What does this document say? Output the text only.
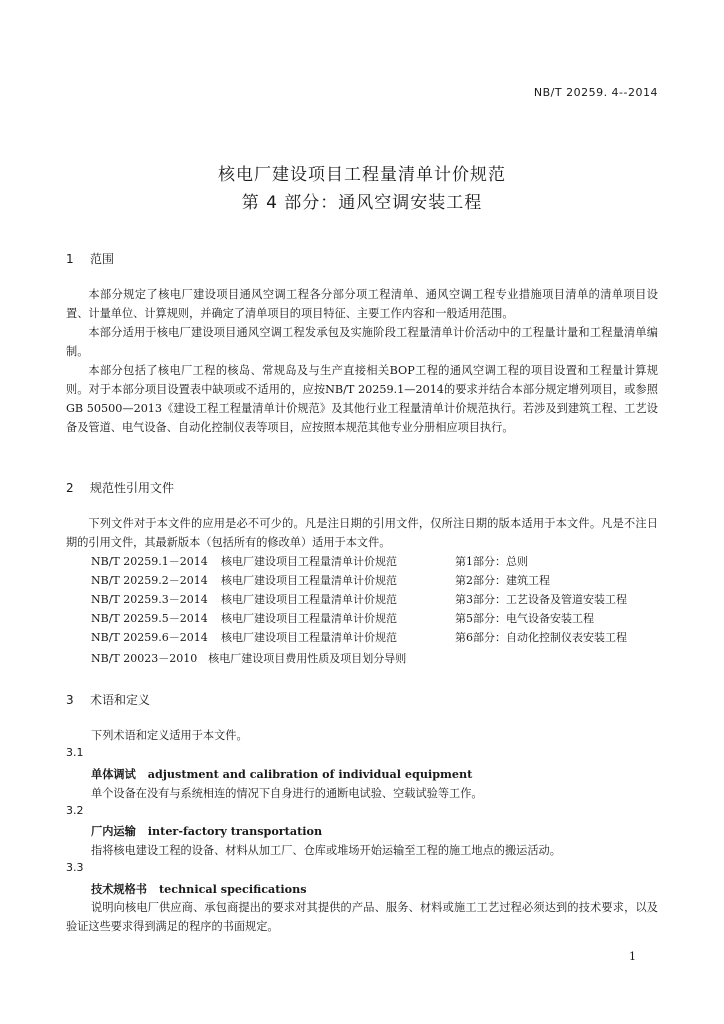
NB/T 20259. 4--2014
核电厂建设项目工程量清单计价规范
第 4 部分：通风空调安装工程
1 范围

本部分规定了核电厂建设项目通风空调工程各分部分项工程清单、通风空调工程专业措施项目清单的清单项目设置、计量单位、计算规则，并确定了清单项目的项目特征、主要工作内容和一般适用范围。

本部分适用于核电厂建设项目通风空调工程发承包及实施阶段工程量清单计价活动中的工程量计量和工程量清单编制。

本部分包括了核电厂工程的核岛、常规岛及与生产直接相关BOP工程的通风空调工程的项目设置和工程量计算规则。对于本部分项目设置表中缺项或不适用的，应按NB/T 20259.1—2014的要求并结合本部分规定增列项目，或参照GB 50500—2013《建设工程工程量清单计价规范》及其他行业工程量清单计价规范执行。若涉及到建筑工程、工艺设备及管道、电气设备、自动化控制仪表等项目，应按照本规范其他专业分册相应项目执行。

2 规范性引用文件

下列文件对于本文件的应用是必不可少的。凡是注日期的引用文件，仅所注日期的版本适用于本文件。凡是不注日期的引用文件，其最新版本（包括所有的修改单）适用于本文件。

NB/T 20259.1－2014 核电厂建设项目工程量清单计价规范	第1部分：总则
NB/T 20259.2－2014 核电厂建设项目工程量清单计价规范	第2部分：建筑工程
NB/T 20259.3－2014 核电厂建设项目工程量清单计价规范	第3部分：工艺设备及管道安装工程
NB/T 20259.5－2014 核电厂建设项目工程量清单计价规范	第5部分：电气设备安装工程
NB/T 20259.6－2014 核电厂建设项目工程量清单计价规范	第6部分：自动化控制仪表安装工程
NB/T 20023－2010　核电厂建设项目费用性质及项目划分导则
3 术语和定义
下列术语和定义适用于本文件。
3.1
单体调试 adjustment and calibration of individual equipment
单个设备在没有与系统相连的情况下自身进行的通断电试验、空载试验等工作。
3.2
厂内运输 inter-factory transportation
指将核电建设工程的设备、材料从加工厂、仓库或堆场开始运输至工程的施工地点的搬运活动。
3.3
技术规格书 technical specifications

说明向核电厂供应商、承包商提出的要求对其提供的产品、服务、材料或施工工艺过程必须达到的技术要求，以及验证这些要求得到满足的程序的书面规定。

1
